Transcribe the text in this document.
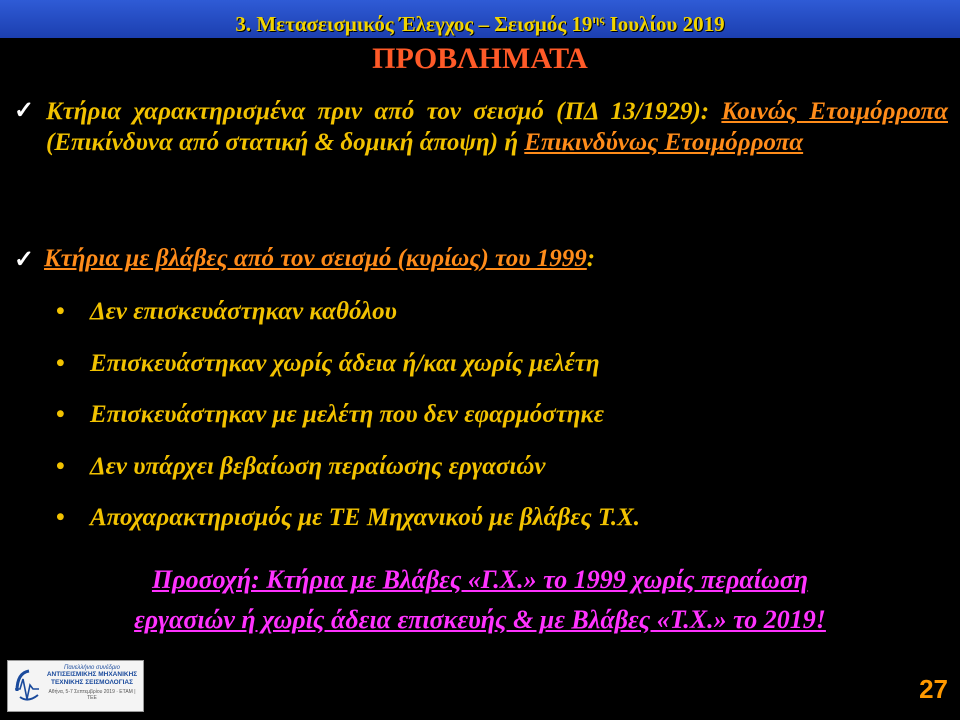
3. Μετασεισμικός Έλεγχος – Σεισμός $19^{\eta\varsigma}$ Ιουλίου 2019
ΠΡΟΒΛΗΜΑΤΑ
✓ Κτήρια χαρακτηρισμένα πριν από τον σεισμό (ΠΔ 13/1929): Κοινώς Ετοιμόρροπα (Επικίνδυνα από στατική & δομική άποψη) ή Επικινδύνως Ετοιμόρροπα
✓ Κτήρια με βλάβες από τον σεισμό (κυρίως) του 1999:
• Δεν επισκευάστηκαν καθόλου
• Επισκευάστηκαν χωρίς άδεια ή/και χωρίς μελέτη
• Επισκευάστηκαν με μελέτη που δεν εφαρμόστηκε
• Δεν υπάρχει βεβαίωση περαίωσης εργασιών
• Αποχαρακτηρισμός με ΤΕ Μηχανικού με βλάβες Τ.Χ.
Προσοχή: Κτήρια με Βλάβες «Γ.Χ.» το 1999 χωρίς περαίωση
εργασιών ή χωρίς άδεια επισκευής & με Βλάβες «Τ.Χ.» το 2019!
Πανελλήνιο συνέδριο
ΑΝΤΙΣΕΙΣΜΙΚΗΣ ΜΗΧΑΝΙΚΗΣ ΤΕΧΝΙΚΗΣ ΣΕΙΣΜΟΛΟΓΙΑΣ
Αθήνα, 5-7 Σεπτεμβρίου 2019 · ΕΤΑΜ | ΤΕΕ	27
